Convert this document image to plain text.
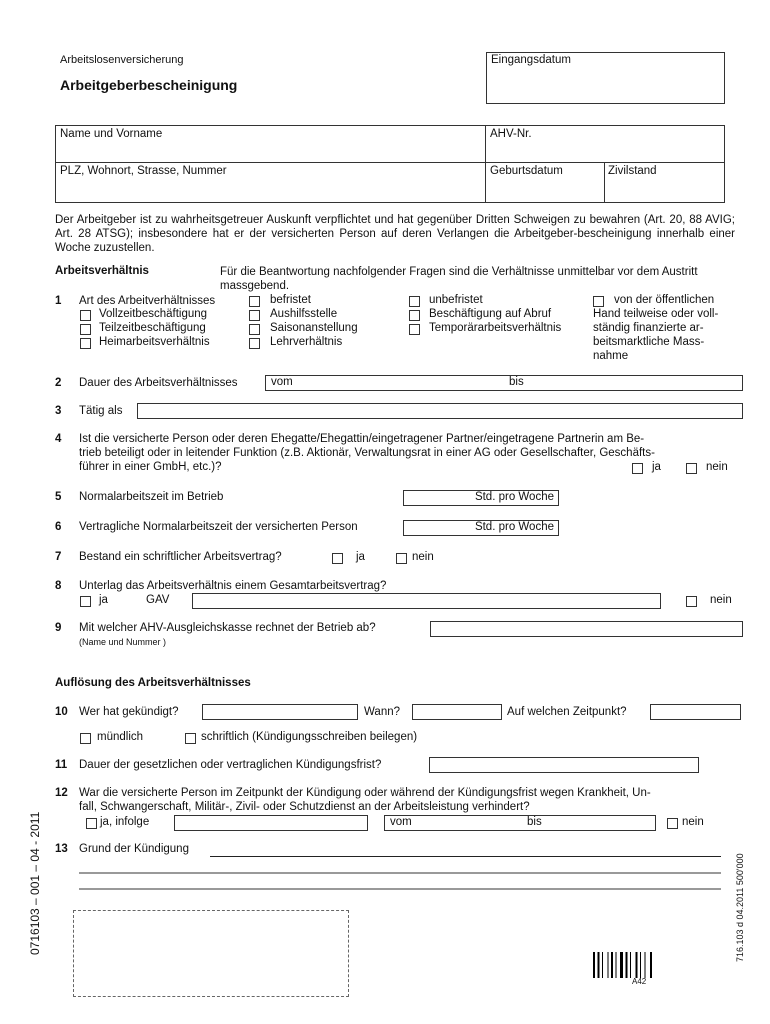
Arbeitslosenversicherung
Arbeitgeberbescheinigung
Eingangsdatum
Name und Vorname	AHV-Nr.
PLZ, Wohnort, Strasse, Nummer	Geburtsdatum	Zivilstand
Der Arbeitgeber ist zu wahrheitsgetreuer Auskunft verpflichtet und hat gegenüber Dritten Schweigen zu bewahren (Art. 20, 88 AVIG; Art. 28 ATSG); insbesondere hat er der versicherten Person auf deren Verlangen die Arbeitgeber-bescheinigung innerhalb einer Woche zuzustellen.
Arbeitsverhältnis	Für die Beantwortung nachfolgender Fragen sind die Verhältnisse unmittelbar vor dem Austritt massgebend.
1 Art des Arbeitverhältnisses
Vollzeitbeschäftigung
Teilzeitbeschäftigung
Heimarbeitsverhältnis
befristet
Aushilfsstelle
Saisonanstellung
Lehrverhältnis
unbefristet
Beschäftigung auf Abruf
Temporärarbeitsverhältnis
von der öffentlichen
Hand teilweise oder voll-
ständig finanzierte ar-
beitsmarktliche Mass-
nahme
2 Dauer des Arbeitsverhältnisses	vom	bis
3 Tätig als
4 Ist die versicherte Person oder deren Ehegatte/Ehegattin/eingetragener Partner/eingetragene Partnerin am Be-
trieb beteiligt oder in leitender Funktion (z.B. Aktionär, Verwaltungsrat in einer AG oder Gesellschafter, Geschäfts-
führer in einer GmbH, etc.)?	ja	nein
5 Normalarbeitszeit im Betrieb	Std. pro Woche
6 Vertragliche Normalarbeitszeit der versicherten Person	Std. pro Woche
7 Bestand ein schriftlicher Arbeitsvertrag?	ja	nein
8 Unterlag das Arbeitsverhältnis einem Gesamtarbeitsvertrag?
ja	GAV	nein
9 Mit welcher AHV-Ausgleichskasse rechnet der Betrieb ab?
(Name und Nummer )
Auflösung des Arbeitsverhältnisses
10 Wer hat gekündigt?	Wann?	Auf welchen Zeitpunkt?
mündlich	schriftlich (Kündigungsschreiben beilegen)
11 Dauer der gesetzlichen oder vertraglichen Kündigungsfrist?
12 War die versicherte Person im Zeitpunkt der Kündigung oder während der Kündigungsfrist wegen Krankheit, Un-
fall, Schwangerschaft, Militär-, Zivil- oder Schutzdienst an der Arbeitsleistung verhindert?
ja, infolge	vom	bis	nein
13 Grund der Kündigung
0716103 – 001 – 04 - 2011	716.103 d 04.2011 500'000
A42
